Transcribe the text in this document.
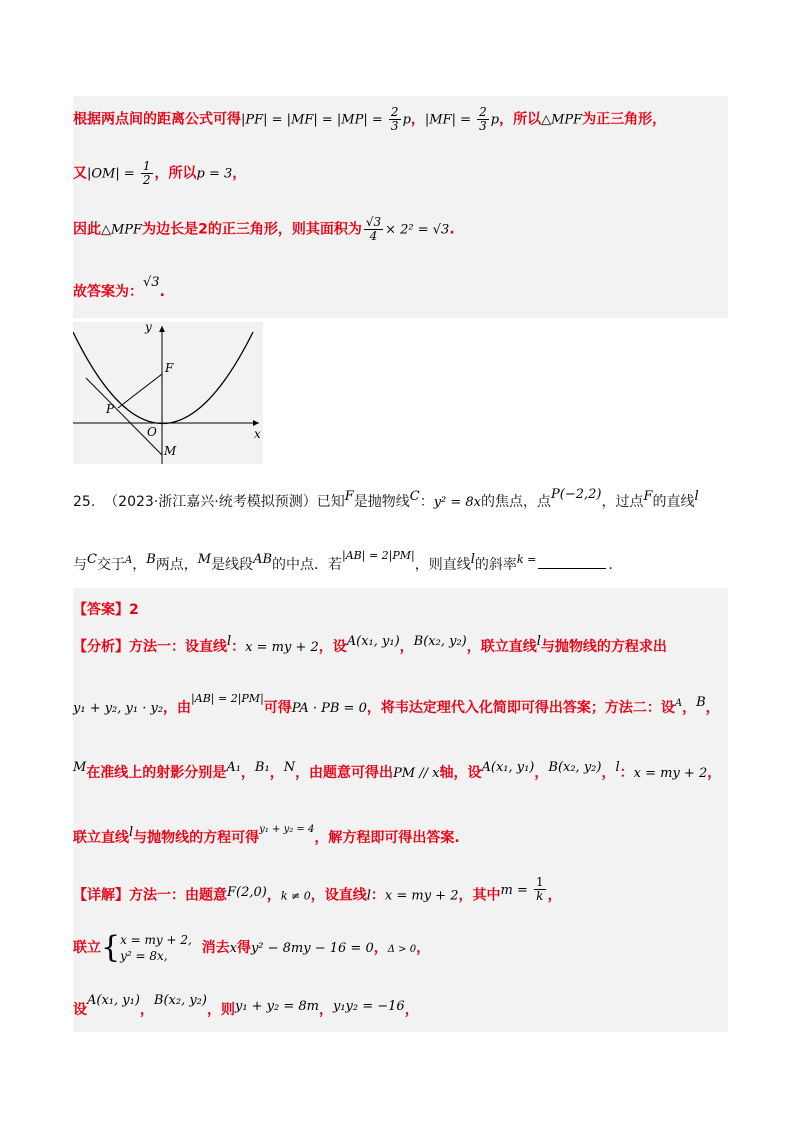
根据两点间的距离公式可得$|PF| = |MF| = |MP| = \frac{2}{3}$ p，$|MF| = \frac{2}{3}$ p，所以△MPF为正三角形，
又$|OM| = \frac{1}{2}$ ，所以p = 3，
因此△MPF为边长是2的正三角形，则其面积为 $\frac{√3}{4} \times 2^2 = √3$.
故答案为：√3.
y
x
F
P
O
M
25. （2023·浙江嘉兴·统考模拟预测）已知F是抛物线C：y² = 8x的焦点，点P(−2,2)，过点F的直线l
与C交于$^A$，B两点，M是线段AB的中点．若$^{|AB| = 2|PM|}$，则直线l的斜率$^{k =}$	.
【答案】2
【分析】方法一：设直线l：x = my + 2，设A(x₁, y₁)，B(x₂, y₂)，联立直线l与抛物线的方程求出
y₁ + y₂, y₁ · y₂，由$^{|AB| = 2|PM|}$可得PA · PB = 0，将韦达定理代入化简即可得出答案；方法二：设$^A$，B，
M在准线上的射影分别是A₁，B₁，N，由题意可得出PM // x轴，设A(x₁, y₁)，B(x₂, y₂)，l：x = my + 2，
联立直线l与抛物线的方程可得$^{y_1 + y_2 = 4}$，解方程即可得出答案.
【详解】方法一：由题意F(2,0)，k ≠ 0，设直线l：x = my + 2，其中$m = \frac{1}{k}$ ，
联立{ x = my + 2,
y² = 8x,	消去x得y² − 8my − 16 = 0，Δ > 0，
设A(x₁, y₁)，B(x₂, y₂)，则y₁ + y₂ = 8m，y₁y₂ = −16，
